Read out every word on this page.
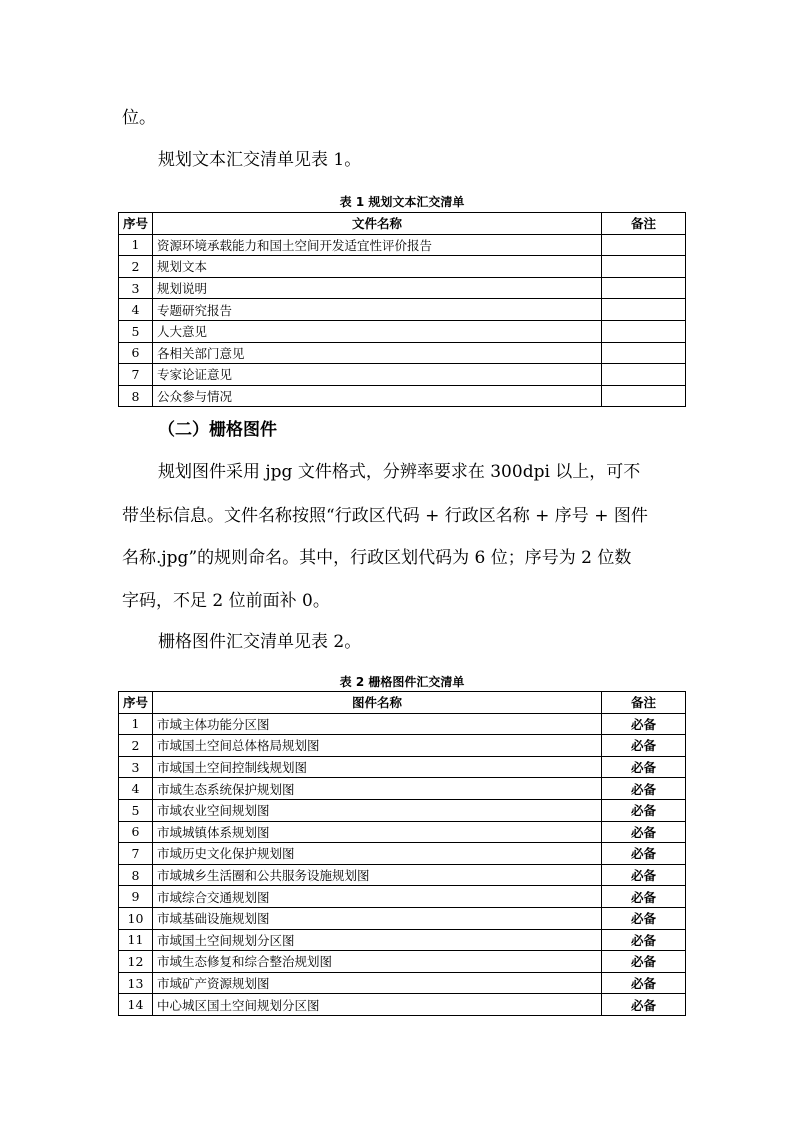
位。
规划文本汇交清单见表 1。
表 1 规划文本汇交清单
序号	文件名称	备注
1	资源环境承载能力和国土空间开发适宜性评价报告	
2	规划文本	
3	规划说明	
4	专题研究报告	
5	人大意见	
6	各相关部门意见	
7	专家论证意见	
8	公众参与情况	
（二）栅格图件
规划图件采用 jpg 文件格式，分辨率要求在 300dpi 以上，可不
带坐标信息。文件名称按照“行政区代码 + 行政区名称 + 序号 + 图件
名称.jpg”的规则命名。其中，行政区划代码为 6 位；序号为 2 位数
字码，不足 2 位前面补 0。
栅格图件汇交清单见表 2。
表 2 栅格图件汇交清单
序号	图件名称	备注
1	市域主体功能分区图	必备
2	市域国土空间总体格局规划图	必备
3	市域国土空间控制线规划图	必备
4	市域生态系统保护规划图	必备
5	市域农业空间规划图	必备
6	市域城镇体系规划图	必备
7	市域历史文化保护规划图	必备
8	市域城乡生活圈和公共服务设施规划图	必备
9	市域综合交通规划图	必备
10	市域基础设施规划图	必备
11	市域国土空间规划分区图	必备
12	市域生态修复和综合整治规划图	必备
13	市域矿产资源规划图	必备
14	中心城区国土空间规划分区图	必备
